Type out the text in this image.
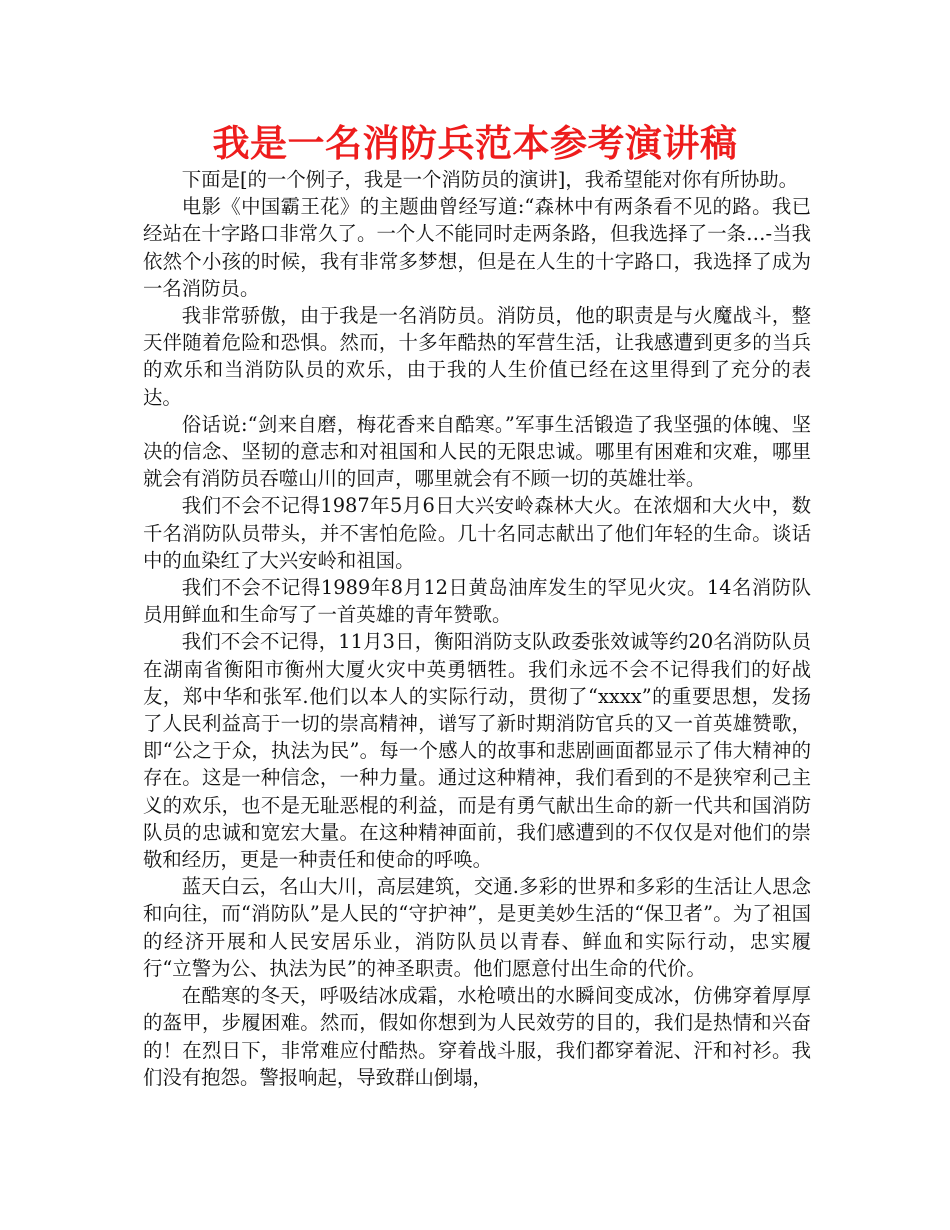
我是一名消防兵范本参考演讲稿

下面是[的一个例子，我是一个消防员的演讲]，我希望能对你有所协助。

电影《中国霸王花》的主题曲曾经写道:“森林中有两条看不见的路。我已经站在十字路口非常久了。一个人不能同时走两条路，但我选择了一条…-当我依然个小孩的时候，我有非常多梦想，但是在人生的十字路口，我选择了成为一名消防员。

我非常骄傲，由于我是一名消防员。消防员，他的职责是与火魔战斗，整天伴随着危险和恐惧。然而，十多年酷热的军营生活，让我感遭到更多的当兵的欢乐和当消防队员的欢乐，由于我的人生价值已经在这里得到了充分的表达。

俗话说:“剑来自磨，梅花香来自酷寒。”军事生活锻造了我坚强的体魄、坚决的信念、坚韧的意志和对祖国和人民的无限忠诚。哪里有困难和灾难，哪里就会有消防员吞噬山川的回声，哪里就会有不顾一切的英雄壮举。

我们不会不记得1987年5月6日大兴安岭森林大火。在浓烟和大火中，数千名消防队员带头，并不害怕危险。几十名同志献出了他们年轻的生命。谈话中的血染红了大兴安岭和祖国。

我们不会不记得1989年8月12日黄岛油库发生的罕见火灾。14名消防队员用鲜血和生命写了一首英雄的青年赞歌。

我们不会不记得，11月3日，衡阳消防支队政委张效诚等约20名消防队员在湖南省衡阳市衡州大厦火灾中英勇牺牲。我们永远不会不记得我们的好战友，郑中华和张军.他们以本人的实际行动，贯彻了“xxxx”的重要思想，发扬了人民利益高于一切的崇高精神，谱写了新时期消防官兵的又一首英雄赞歌，即“公之于众，执法为民”。每一个感人的故事和悲剧画面都显示了伟大精神的存在。这是一种信念，一种力量。通过这种精神，我们看到的不是狭窄利己主义的欢乐，也不是无耻恶棍的利益，而是有勇气献出生命的新一代共和国消防队员的忠诚和宽宏大量。在这种精神面前，我们感遭到的不仅仅是对他们的崇敬和经历，更是一种责任和使命的呼唤。

蓝天白云，名山大川，高层建筑，交通.多彩的世界和多彩的生活让人思念和向往，而“消防队”是人民的“守护神”，是更美妙生活的“保卫者”。为了祖国的经济开展和人民安居乐业，消防队员以青春、鲜血和实际行动，忠实履行“立警为公、执法为民”的神圣职责。他们愿意付出生命的代价。

在酷寒的冬天，呼吸结冰成霜，水枪喷出的水瞬间变成冰，仿佛穿着厚厚的盔甲，步履困难。然而，假如你想到为人民效劳的目的，我们是热情和兴奋的！在烈日下，非常难应付酷热。穿着战斗服，我们都穿着泥、汗和衬衫。我们没有抱怨。警报响起，导致群山倒塌，
